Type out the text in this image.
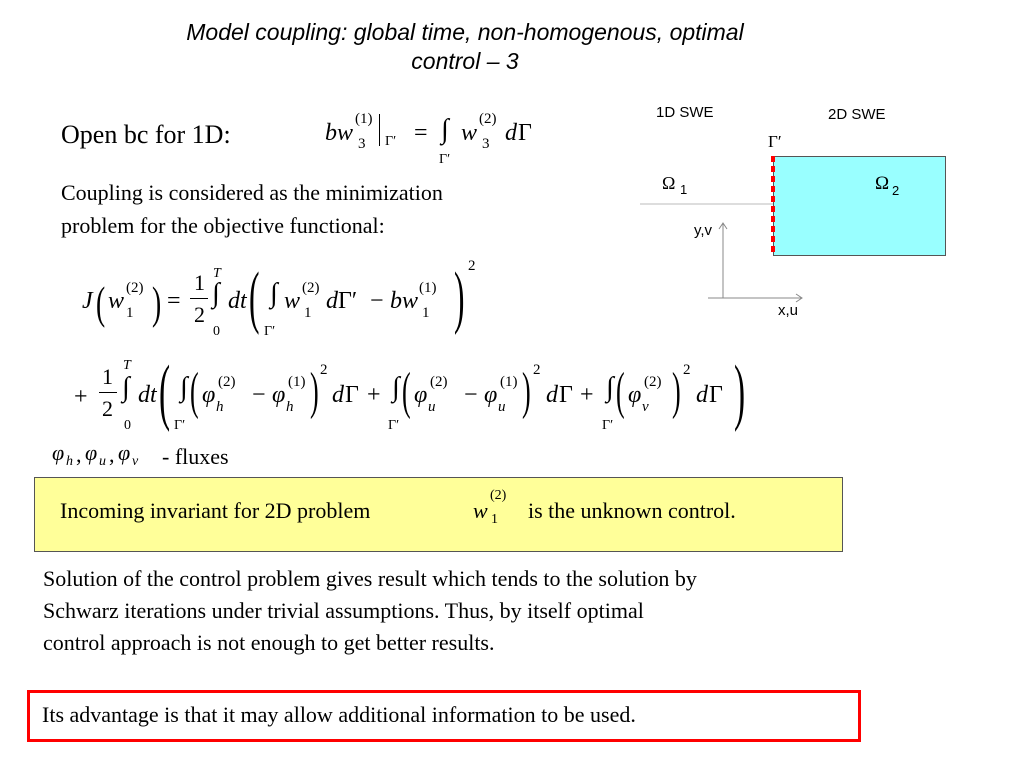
Model coupling: global time, non-homogenous, optimal
control – 3
Open bc for 1D:	b w
(1)
3 Γ′ = ∫
Γ′
w
(2)
3 d Γ
Coupling is considered as the minimization
problem for the objective functional:
1D SWE	2D SWE
Γ′
Ω 1	Ω 2
y,v
x,u
J ( w (2)
1 ) =
1
2
T
∫
0
dt ( ∫
Γ′
w (2)
1 d Γ′ − b w (1)
1 ) 2
+
1
2
T
∫
0
dt ( ∫
Γ′
( φ (2)
h − φ (1)
h ) 2
d Γ + ∫
Γ′
( φ (2)
u − φ (1)
u ) 2
d Γ + ∫
Γ′
( φ (2)
v ) 2
d Γ )
φ h , φ u , φ v - fluxes
Incoming invariant for 2D problem	w
(2)
1 is the unknown control.
Solution of the control problem gives result which tends to the solution by
Schwarz iterations under trivial assumptions. Thus, by itself optimal
control approach is not enough to get better results.
Its advantage is that it may allow additional information to be used.
